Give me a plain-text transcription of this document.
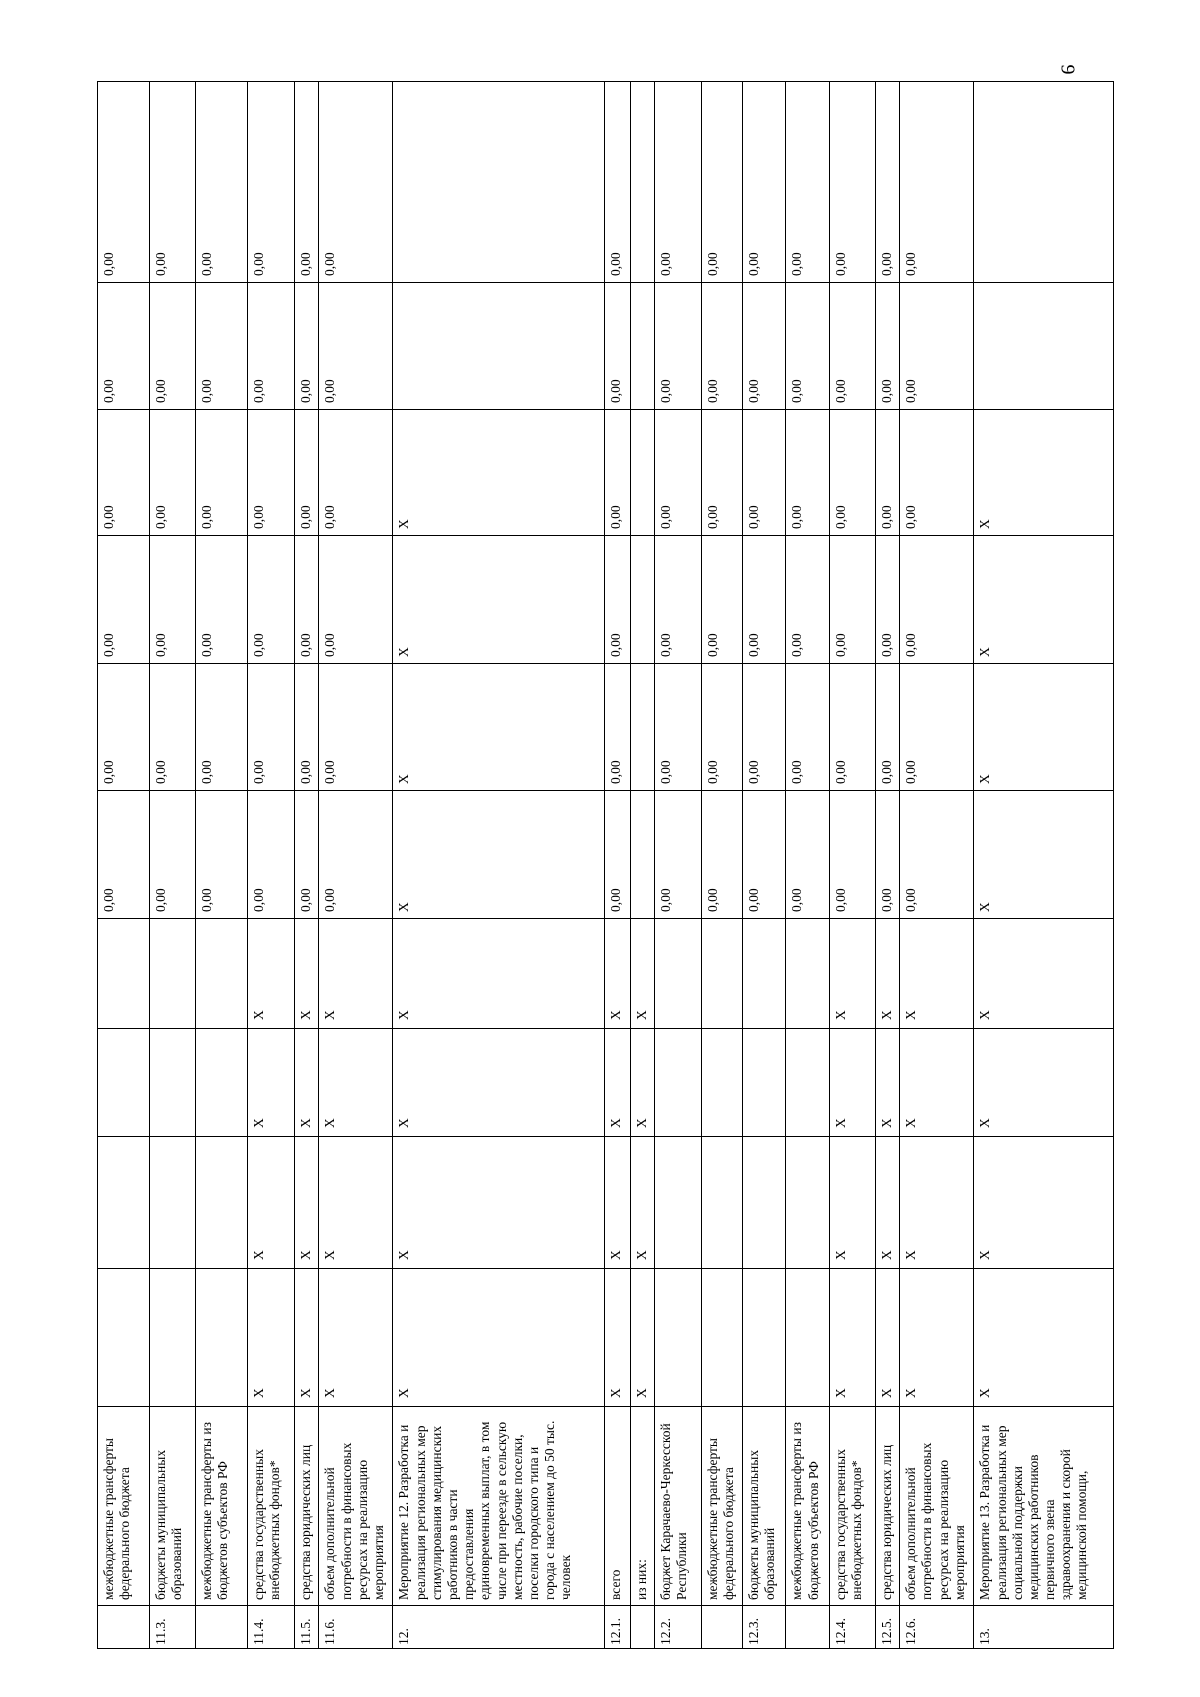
9
	межбюджетные трансферты федерального бюджета					0,00	0,00	0,00	0,00	0,00	0,00
11.3.	бюджеты муниципальных образований					0,00	0,00	0,00	0,00	0,00	0,00
	межбюджетные трансферты из бюджетов субъектов РФ					0,00	0,00	0,00	0,00	0,00	0,00
11.4.	средства государственных внебюджетных фондов*	X	X	X	X	0,00	0,00	0,00	0,00	0,00	0,00
11.5.	средства юридических лиц	X	X	X	X	0,00	0,00	0,00	0,00	0,00	0,00
11.6.	объем дополнительной потребности в финансовых ресурсах на реализацию мероприятия	X	X	X	X	0,00	0,00	0,00	0,00	0,00	0,00
12.	Мероприятие 12. Разработка и реализация региональных мер стимулирования медицинских работников в части предоставления единовременных выплат, в том числе при переезде в сельскую местность, рабочие поселки, поселки городского типа и города с населением до 50 тыс. человек	X	X	X	X	X	X	X	X		
12.1.	всего	X	X	X	X	0,00	0,00	0,00	0,00	0,00	0,00
	из них:	X	X	X	X						
12.2.	бюджет Карачаево-Черкесской Республики					0,00	0,00	0,00	0,00	0,00	0,00
	межбюджетные трансферты федерального бюджета					0,00	0,00	0,00	0,00	0,00	0,00
12.3.	бюджеты муниципальных образований					0,00	0,00	0,00	0,00	0,00	0,00
	межбюджетные трансферты из бюджетов субъектов РФ					0,00	0,00	0,00	0,00	0,00	0,00
12.4.	средства государственных внебюджетных фондов*	X	X	X	X	0,00	0,00	0,00	0,00	0,00	0,00
12.5.	средства юридических лиц	X	X	X	X	0,00	0,00	0,00	0,00	0,00	0,00
12.6.	объем дополнительной потребности в финансовых ресурсах на реализацию мероприятия	X	X	X	X	0,00	0,00	0,00	0,00	0,00	0,00
13.	Мероприятие 13. Разработка и реализация региональных мер социальной поддержки медицинских работников первичного звена здравоохранения и скорой медицинской помощи,	X	X	X	X	X	X	X	X		
